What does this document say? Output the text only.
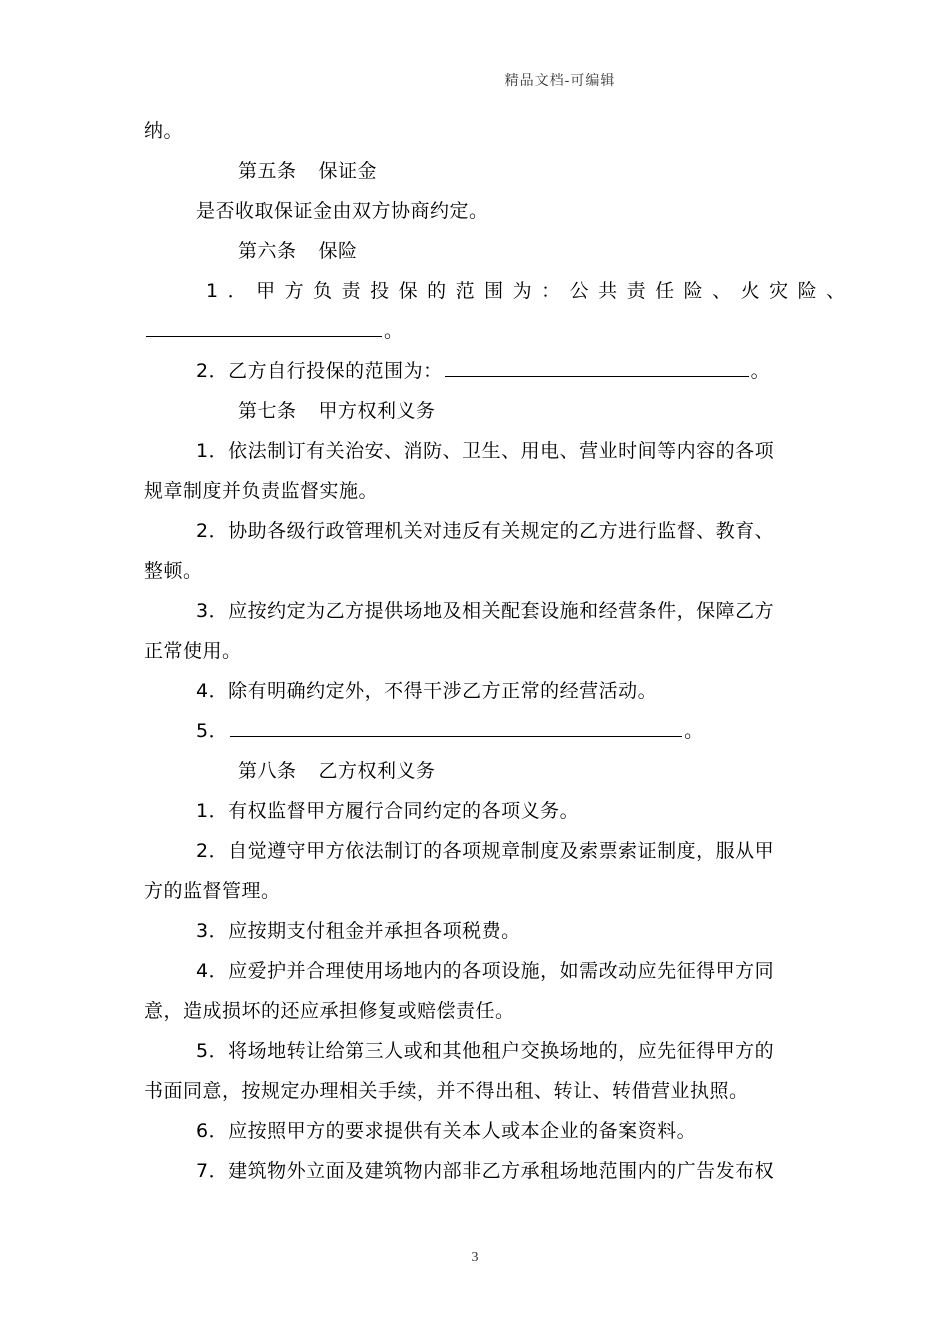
精品文档-可编辑
纳。
第五条 保证金
是否收取保证金由双方协商约定。
第六条 保险
1．甲方负责投保的范围为：公共责任险、火灾险、
。
2．乙方自行投保的范围为：	。
第七条 甲方权利义务
1．依法制订有关治安、消防、卫生、用电、营业时间等内容的各项
规章制度并负责监督实施。
2．协助各级行政管理机关对违反有关规定的乙方进行监督、教育、
整顿。
3．应按约定为乙方提供场地及相关配套设施和经营条件，保障乙方
正常使用。
4．除有明确约定外，不得干涉乙方正常的经营活动。
5．	。
第八条 乙方权利义务
1．有权监督甲方履行合同约定的各项义务。
2．自觉遵守甲方依法制订的各项规章制度及索票索证制度，服从甲
方的监督管理。
3．应按期支付租金并承担各项税费。
4．应爱护并合理使用场地内的各项设施，如需改动应先征得甲方同
意，造成损坏的还应承担修复或赔偿责任。
5．将场地转让给第三人或和其他租户交换场地的，应先征得甲方的
书面同意，按规定办理相关手续，并不得出租、转让、转借营业执照。
6．应按照甲方的要求提供有关本人或本企业的备案资料。
7．建筑物外立面及建筑物内部非乙方承租场地范围内的广告发布权
3
